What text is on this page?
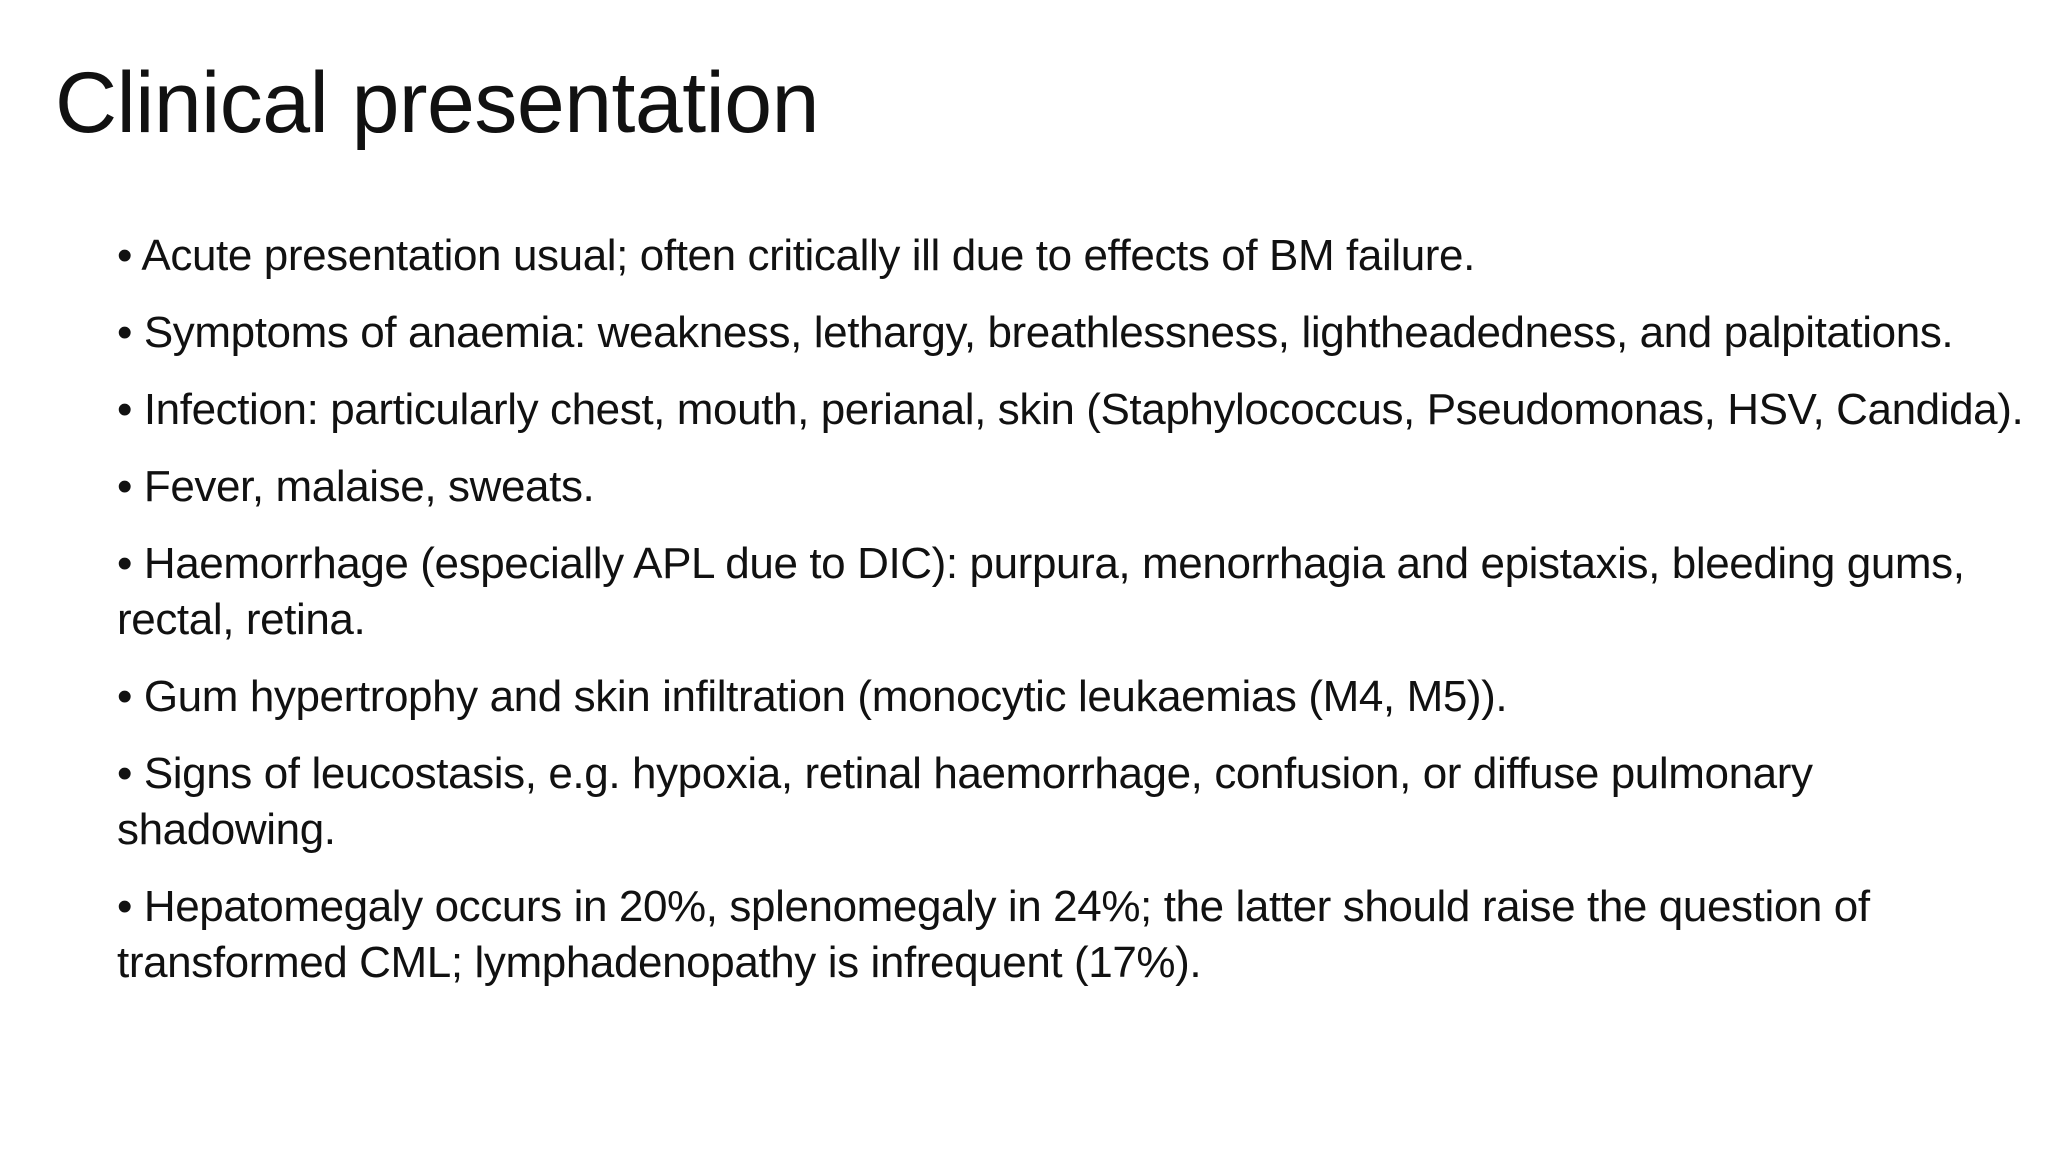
Clinical presentation
• Acute presentation usual; often critically ill due to effects of BM failure.
• Symptoms of anaemia: weakness, lethargy, breathlessness, lightheadedness, and palpitations.
• Infection: particularly chest, mouth, perianal, skin (Staphylococcus, Pseudomonas, HSV, Candida).
• Fever, malaise, sweats.
• Haemorrhage (especially APL due to DIC): purpura, menorrhagia and epistaxis, bleeding gums, rectal, retina.
• Gum hypertrophy and skin infiltration (monocytic leukaemias (M4, M5)).
• Signs of leucostasis, e.g. hypoxia, retinal haemorrhage, confusion, or diffuse pulmonary shadowing.
• Hepatomegaly occurs in 20%, splenomegaly in 24%; the latter should raise the question of transformed CML; lymphadenopathy is infrequent (17%).
